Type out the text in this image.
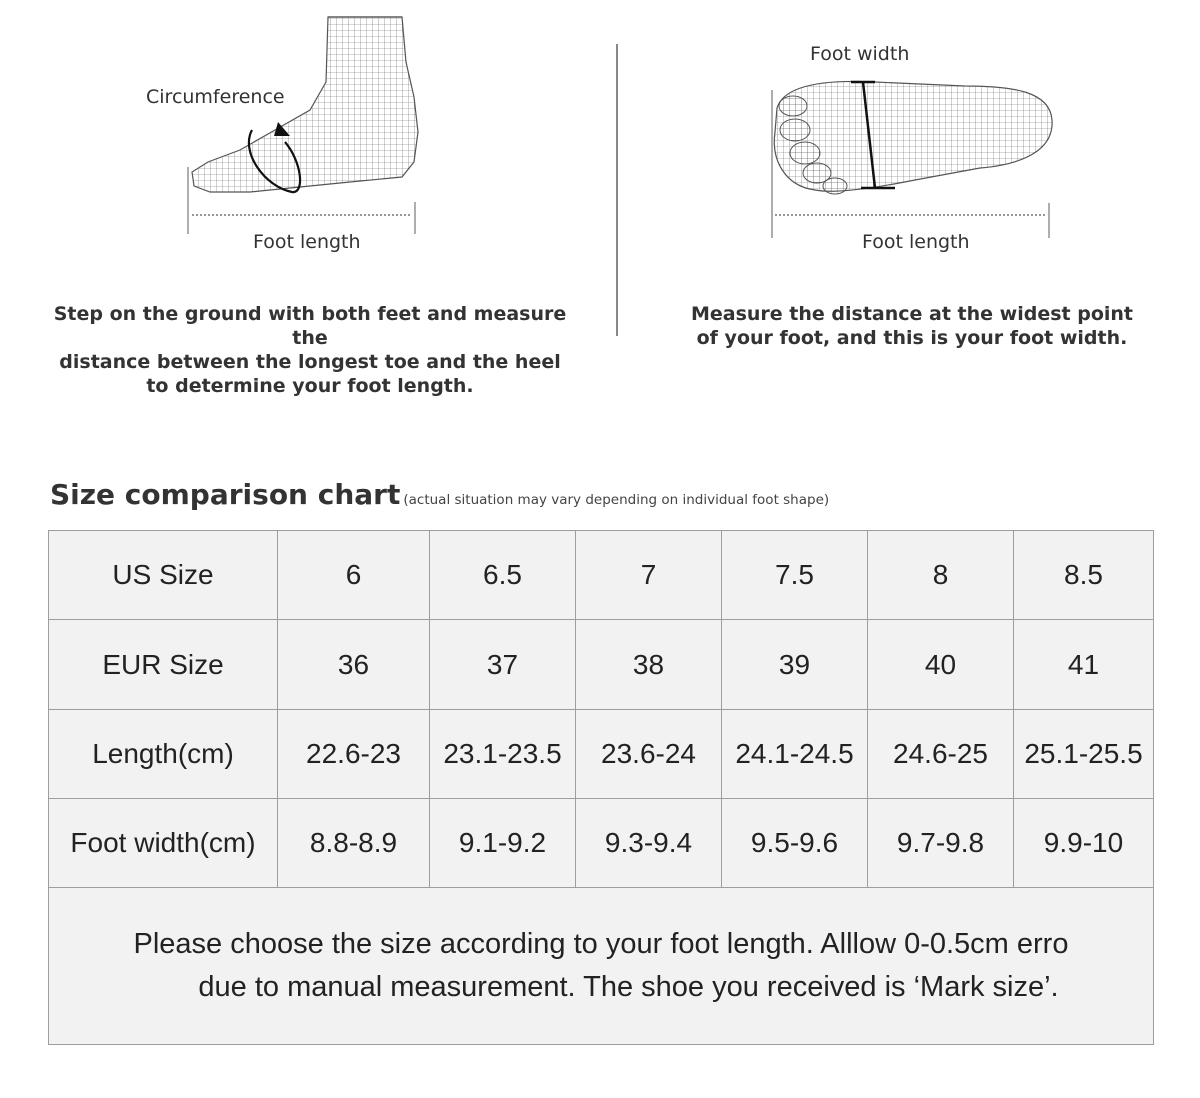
Circumference
Foot length
Step on the ground with both feet and measure the
distance between the longest toe and the heel
to determine your foot length.
Foot width
Foot length
Measure the distance at the widest point
of your foot, and this is your foot width.
Size comparison chart (actual situation may vary depending on individual foot shape)
US Size	6	6.5	7	7.5	8	8.5
EUR Size	36	37	38	39	40	41
Length(cm)	22.6-23	23.1-23.5	23.6-24	24.1-24.5	24.6-25	25.1-25.5
Foot width(cm)	8.8-8.9	9.1-9.2	9.3-9.4	9.5-9.6	9.7-9.8	9.9-10
Please choose the size according to your foot length. Alllow 0-0.5cm erro

due to manual measurement. The shoe you received is ‘Mark size’.						
